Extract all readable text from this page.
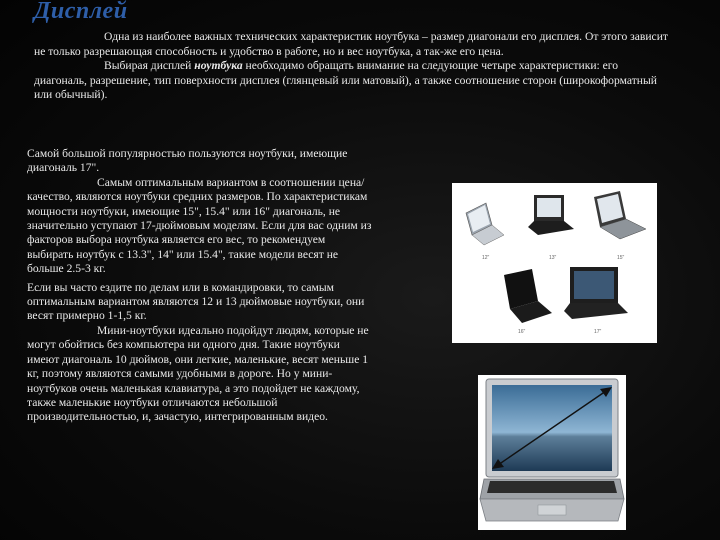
Дисплей

Одна из наиболее важных технических характеристик ноутбука – размер диагонали его дисплея. От этого зависит не только разрешающая способность и удобство в работе, но и вес ноутбука, а так-же его цена.

Выбирая дисплей ноутбука необходимо обращать внимание на следующие четыре характеристики: его диагональ, разрешение, тип поверхности дисплея (глянцевый или матовый), а также соотношение сторон (широкоформатный или обычный).

Самой большой популярностью пользуются ноутбуки, имеющие диагональ 17".

Самым оптимальным вариантом в соотношении цена/качество, являются ноутбуки средних размеров. По характеристикам мощности ноутбуки, имеющие 15", 15.4" или 16" диагональ, не значительно уступают 17-дюймовым моделям. Если для вас одним из факторов выбора ноутбука является его вес, то рекомендуем выбирать ноутбук с 13.3", 14" или 15.4", такие модели весят не больше 2.5-3 кг.

Если вы часто ездите по делам или в командировки, то самым оптимальным вариантом являются 12 и 13 дюймовые ноутбуки, они весят примерно 1-1,5 кг.

Мини-ноутбуки идеально подойдут людям, которые не могут обойтись без компьютера ни одного дня. Такие ноутбуки имеют диагональ 10 дюймов, они легкие, маленькие, весят меньше 1 кг, поэтому являются самыми удобными в дороге. Но у мини-ноутбуков очень маленькая клавиатура, а это подойдет не каждому, также маленькие ноутбуки отличаются небольшой производительностью, и, зачастую, интегрированным видео.

12"	13"	15"
16"	17"
